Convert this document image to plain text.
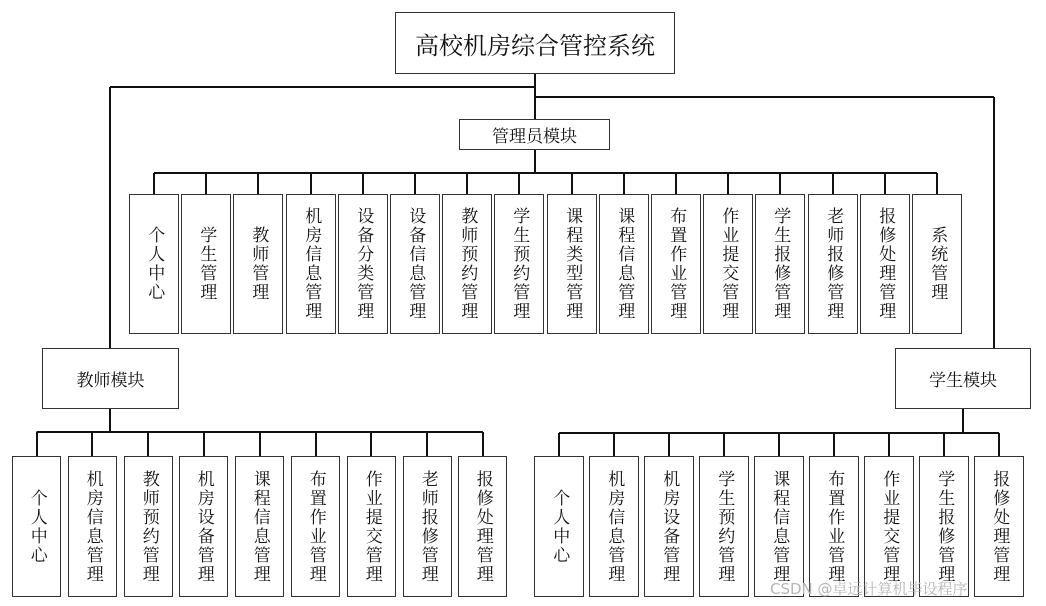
高校机房综合管控系统
管理员模块
教师模块	学生模块
个人中心 学生管理 教师管理 机房信息管理 设备分类管理 设备信息管理 教师预约管理 学生预约管理 课程类型管理 课程信息管理 布置作业管理 作业提交管理 学生报修管理 老师报修管理 报修处理管理 系统管理
个人中心 机房信息管理 教师预约管理 机房设备管理 课程信息管理 布置作业管理 作业提交管理 老师报修管理 报修处理管理	个人中心 机房信息管理 机房设备管理 学生预约管理 课程信息管理 布置作业管理 作业提交管理 学生报修管理 报修处理管理
CSDN @卓远计算机毕设程序
